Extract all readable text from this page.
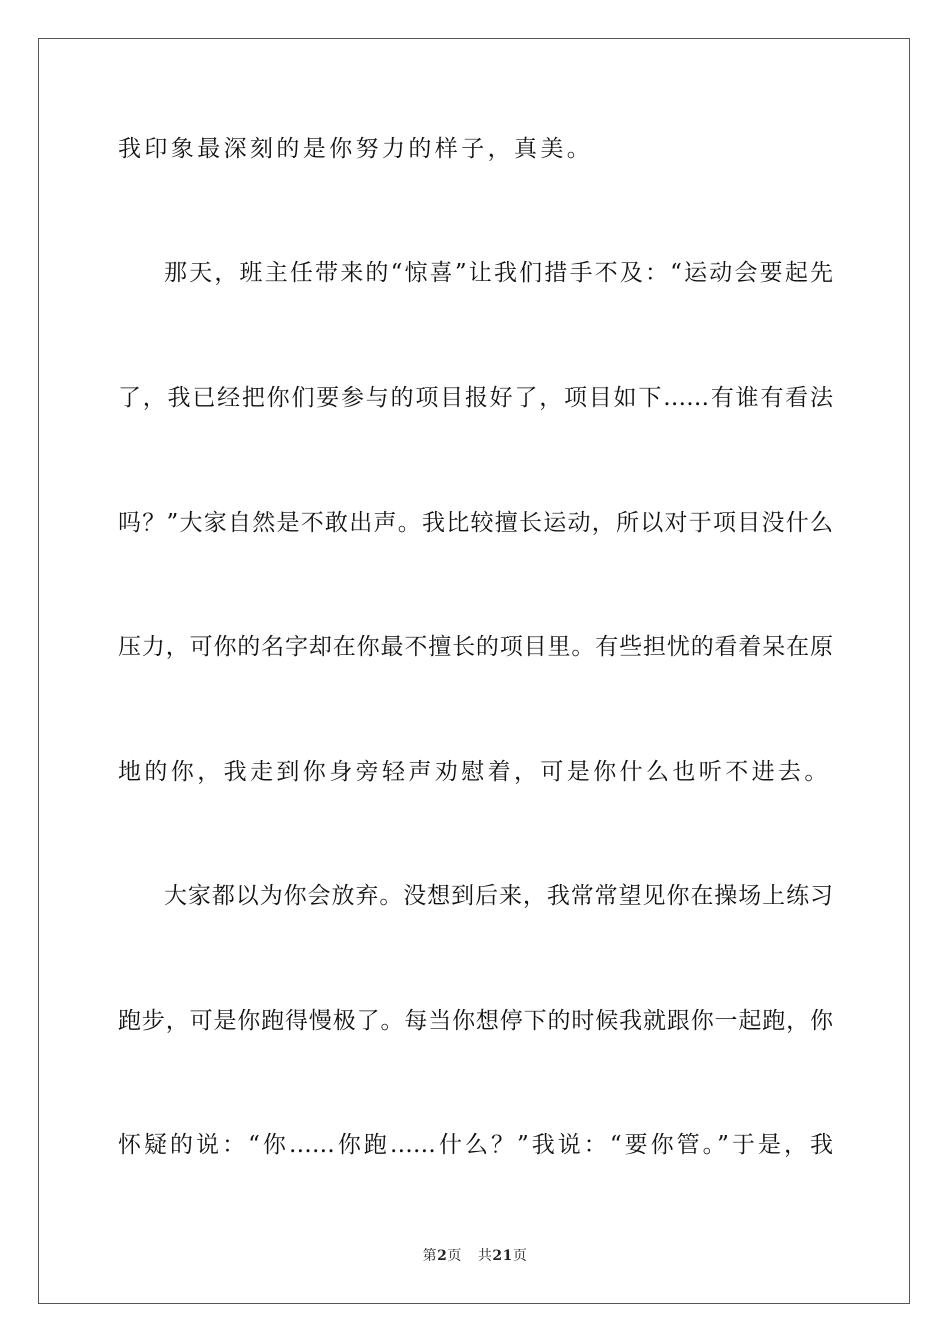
我印象最深刻的是你努力的样子，真美。
那天，班主任带来的“惊喜”让我们措手不及：“运动会要起先
了，我已经把你们要参与的项目报好了，项目如下……有谁有看法
吗？”大家自然是不敢出声。我比较擅长运动，所以对于项目没什么
压力，可你的名字却在你最不擅长的项目里。有些担忧的看着呆在原
地的你，我走到你身旁轻声劝慰着，可是你什么也听不进去。
大家都以为你会放弃。没想到后来，我常常望见你在操场上练习
跑步，可是你跑得慢极了。每当你想停下的时候我就跟你一起跑，你
怀疑的说：“你……你跑……什么？”我说：“要你管。”于是，我
第2页 共21页
